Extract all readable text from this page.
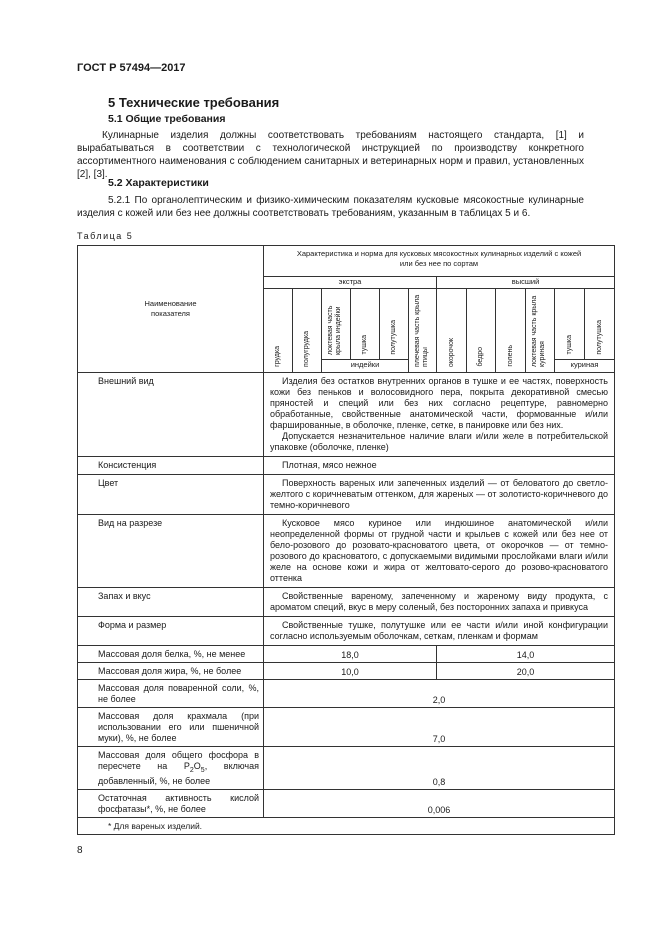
ГОСТ Р 57494—2017
5 Технические требования
5.1 Общие требования
Кулинарные изделия должны соответствовать требованиям настоящего стандарта, [1] и вырабатываться в соответствии с технологической инструкцией по производству конкретного ассортиментного наименования с соблюдением санитарных и ветеринарных норм и правил, установленных [2], [3].
5.2 Характеристики
5.2.1 По органолептическим и физико-химическим показателям кусковые мясокостные кулинарные изделия с кожей или без нее должны соответствовать требованиям, указанным в таблицах 5 и 6.
Таблица 5
Наименование показателя	Характеристика и норма для кусковых мясокостных кулинарных изделий с кожей или без нее по сортам											
	экстра						высший					

	грудка	полугрудка	локтевая часть крыла индейки	тушка	полутушка	плечевая часть крыла птицы	окорочок	бедро	голень	локтевая часть крыла куриная	тушка	полутушка

			индейки								куриная	
Внешний вид	Изделия без остатков внутренних органов в тушке и ее частях, поверхность кожи без пеньков и волосовидного пера, покрыта декоративной смесью пряностей и специй или без них согласно рецептуре, равномерно обработанные, свойственные анатомической части, формованные и/или фаршированные, в оболочке, пленке, сетке, в панировке или без них.
Допускается незначительное наличие влаги и/или желе в потребительской упаковке (оболочке, пленке)											

Консистенция	Плотная, мясо нежное											

Цвет	Поверхность вареных или запеченных изделий — от беловатого до светло-желтого с коричневатым оттенком, для жареных — от золотисто-коричневого до темно-коричневого											

Вид на разрезе	Кусковое мясо куриное или индюшиное анатомической и/или неопределенной формы от грудной части и крыльев с кожей или без нее от бело-розового до розовато-красноватого цвета, от окорочков — от темно-розового до красноватого, с допускаемыми видимыми прослойками влаги и/или желе на основе кожи и жира от желтовато-серого до розово-красноватого оттенка											

Запах и вкус	Свойственные вареному, запеченному и жареному виду продукта, с ароматом специй, вкус в меру соленый, без посторонних запаха и привкуса											

Форма и размер	Свойственные тушке, полутушке или ее части и/или иной конфигурации согласно используемым оболочкам, сеткам, пленкам и формам											

Массовая доля белка, %, не менее	18,0						14,0					
Массовая доля жира, %, не более	10,0						20,0					
Массовая доля поваренной соли, %, не более	2,0											
Массовая доля крахмала (при использовании его или пшеничной муки), %, не более	7,0											
Массовая доля общего фосфора в пересчете на $P_2O_5$, включая добавленный, %, не более	0,8											
Остаточная активность кислой фосфатазы*, %, не более	0,006											
* Для вареных изделий.												
8
